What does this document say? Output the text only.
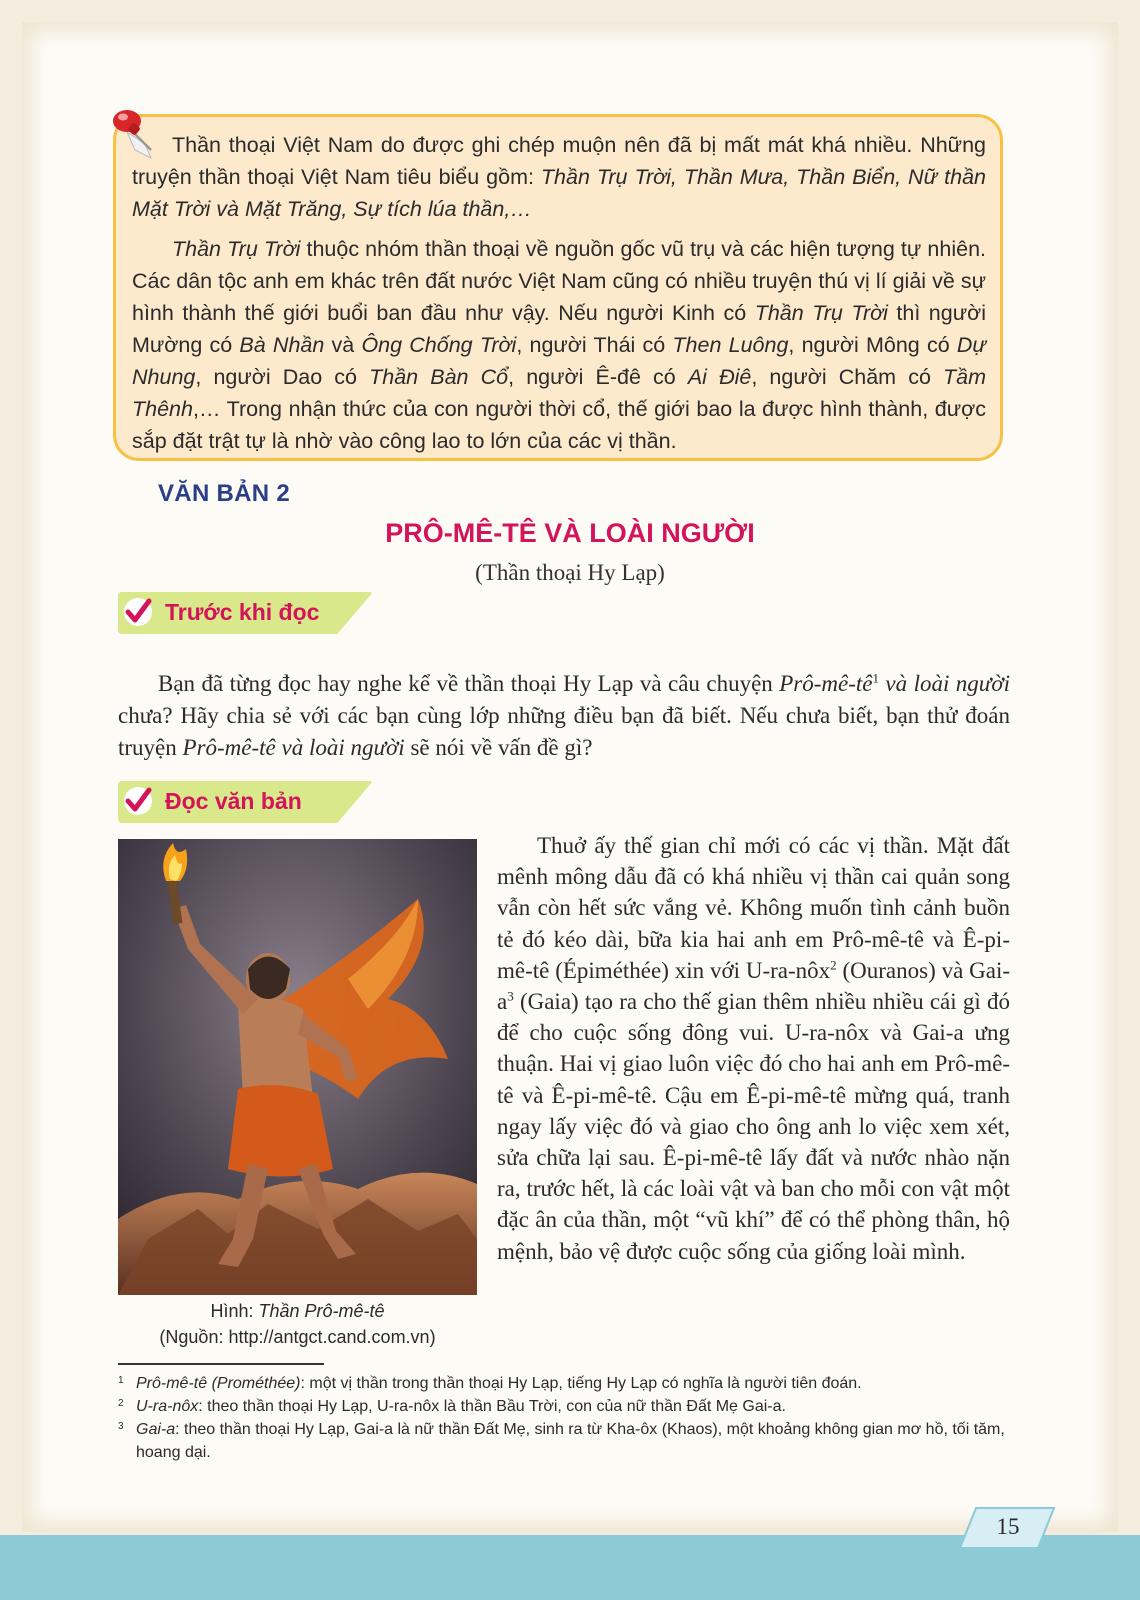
Thần thoại Việt Nam do được ghi chép muộn nên đã bị mất mát khá nhiều. Những truyện thần thoại Việt Nam tiêu biểu gồm: Thần Trụ Trời, Thần Mưa, Thần Biển, Nữ thần Mặt Trời và Mặt Trăng, Sự tích lúa thần,…

Thần Trụ Trời thuộc nhóm thần thoại về nguồn gốc vũ trụ và các hiện tượng tự nhiên. Các dân tộc anh em khác trên đất nước Việt Nam cũng có nhiều truyện thú vị lí giải về sự hình thành thế giới buổi ban đầu như vậy. Nếu người Kinh có Thần Trụ Trời thì người Mường có Bà Nhần và Ông Chống Trời, người Thái có Then Luông, người Mông có Dự Nhung, người Dao có Thần Bàn Cổ, người Ê-đê có Ai Điê, người Chăm có Tầm Thênh,… Trong nhận thức của con người thời cổ, thế giới bao la được hình thành, được sắp đặt trật tự là nhờ vào công lao to lớn của các vị thần.

VĂN BẢN 2
PRÔ-MÊ-TÊ VÀ LOÀI NGƯỜI
(Thần thoại Hy Lạp)
Trước khi đọc

Bạn đã từng đọc hay nghe kể về thần thoại Hy Lạp và câu chuyện Prô-$mê-tê^1$ và loài người chưa? Hãy chia sẻ với các bạn cùng lớp những điều bạn đã biết. Nếu chưa biết, bạn thử đoán truyện Prô-mê-tê và loài người sẽ nói về vấn đề gì?

Đọc văn bản
Hình: Thần Prô-mê-tê
(Nguồn: http://antgct.cand.com.vn)

Thuở ấy thế gian chỉ mới có các vị thần. Mặt đất mênh mông dẫu đã có khá nhiều vị thần cai quản song vẫn còn hết sức vắng vẻ. Không muốn tình cảnh buồn tẻ đó kéo dài, bữa kia hai anh em Prô-mê-tê và Ê-pi-mê-tê (Épiméthée) xin với U-ra-nôx$^2$ (Ouranos) và Gai-$a^3$ (Gaia) tạo ra cho thế gian thêm nhiều nhiều cái gì đó để cho cuộc sống đông vui. U-ra-nôx và Gai-a ưng thuận. Hai vị giao luôn việc đó cho hai anh em Prô-mê-tê và Ê-pi-mê-tê. Cậu em Ê-pi-mê-tê mừng quá, tranh ngay lấy việc đó và giao cho ông anh lo việc xem xét, sửa chữa lại sau. Ê-pi-mê-tê lấy đất và nước nhào nặn ra, trước hết, là các loài vật và ban cho mỗi con vật một đặc ân của thần, một “vũ khí” để có thể phòng thân, hộ mệnh, bảo vệ được cuộc sống của giống loài mình.

1 Prô-mê-tê (Prométhée): một vị thần trong thần thoại Hy Lạp, tiếng Hy Lạp có nghĩa là người tiên đoán.
2 U-ra-nôx: theo thần thoại Hy Lạp, U-ra-nôx là thần Bầu Trời, con của nữ thần Đất Mẹ Gai-a.
3 Gai-a: theo thần thoại Hy Lạp, Gai-a là nữ thần Đất Mẹ, sinh ra từ Kha-ôx (Khaos), một khoảng không gian mơ hồ, tối tăm, hoang dại.
15
